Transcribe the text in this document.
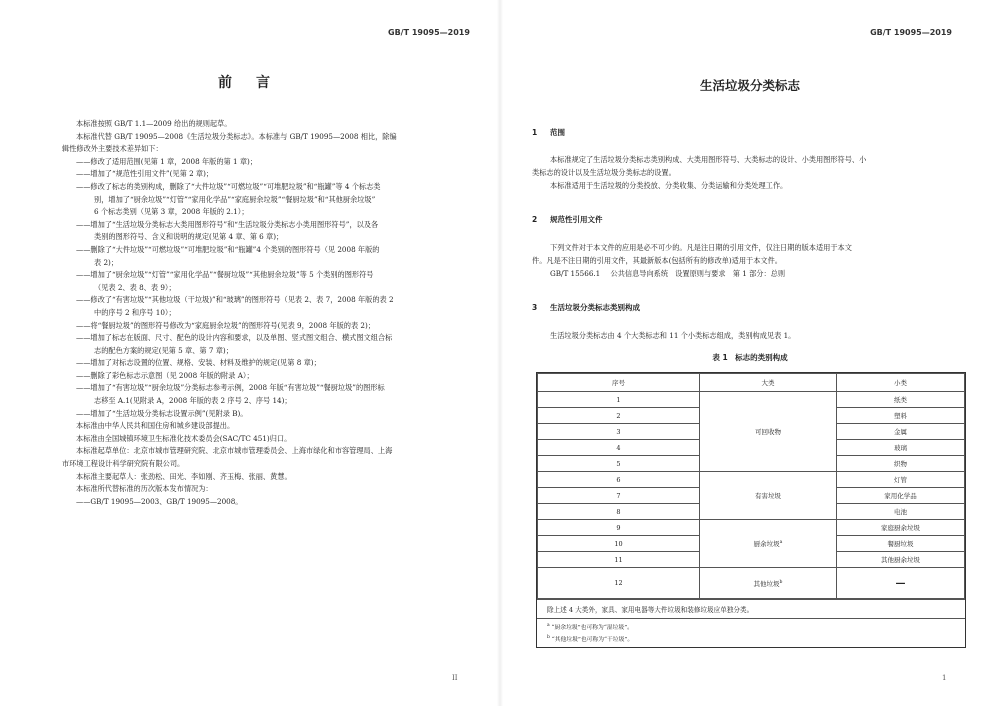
GB/T 19095—2019
前 言
本标准按照 GB/T 1.1—2009 给出的规则起草。
本标准代替 GB/T 19095—2008《生活垃圾分类标志》。本标准与 GB/T 19095—2008 相比，除编
辑性修改外主要技术差异如下：
——修改了适用范围(见第 1 章，2008 年版的第 1 章)；
——增加了“规范性引用文件”(见第 2 章)；
——修改了标志的类别构成，删除了“大件垃圾”“可燃垃圾”“可堆肥垃圾”和“瓶罐”等 4 个标志类
别，增加了“厨余垃圾”“灯管”“家用化学品”“家庭厨余垃圾”“餐厨垃圾”和“其他厨余垃圾”
6 个标志类别（见第 3 章，2008 年版的 2.1）；
——增加了“生活垃圾分类标志大类用图形符号”和“生活垃圾分类标志小类用图形符号”，以及各
类别的图形符号、含义和说明的规定(见第 4 章、第 6 章)；
——删除了“大件垃圾”“可燃垃圾”“可堆肥垃圾”和“瓶罐”4 个类别的图形符号（见 2008 年版的
表 2)；
——增加了“厨余垃圾”“灯管”“家用化学品”“餐厨垃圾”“其他厨余垃圾”等 5 个类别的图形符号
（见表 2、表 8、表 9）；
——修改了“有害垃圾”“其他垃圾（干垃圾)”和“玻璃”的图形符号（见表 2、表 7，2008 年版的表 2
中的序号 2 和序号 10）；
——将“餐厨垃圾”的图形符号修改为“家庭厨余垃圾”的图形符号(见表 9，2008 年版的表 2)；
——增加了标志在版面、尺寸、配色的设计内容和要求，以及单图、竖式图文组合、横式图文组合标
志的配色方案的规定(见第 5 章、第 7 章)；
——增加了对标志设置的位置、规格、安装、材料及维护的规定(见第 8 章)；
——删除了彩色标志示意图（见 2008 年版的附录 A）；
——增加了“有害垃圾”“厨余垃圾”分类标志参考示例，2008 年版“有害垃圾”“餐厨垃圾”的图形标
志移至 A.1(见附录 A，2008 年版的表 2 序号 2、序号 14)；
——增加了“生活垃圾分类标志设置示例”(见附录 B)。
本标准由中华人民共和国住房和城乡建设部提出。
本标准由全国城镇环境卫生标准化技术委员会(SAC/TC 451)归口。
本标准起草单位：北京市城市管理研究院、北京市城市管理委员会、上海市绿化和市容管理局、上海
市环境工程设计科学研究院有限公司。
本标准主要起草人：张劲松、田光、李如刚、齐玉梅、张丽、黄慧。
本标准所代替标准的历次版本发布情况为：
——GB/T 19095—2003、GB/T 19095—2008。
II
GB/T 19095—2019
生活垃圾分类标志
1 范围
本标准规定了生活垃圾分类标志类别构成、大类用图形符号、大类标志的设计、小类用图形符号、小
类标志的设计以及生活垃圾分类标志的设置。
本标准适用于生活垃圾的分类投放、分类收集、分类运输和分类处理工作。
2 规范性引用文件
下列文件对于本文件的应用是必不可少的。凡是注日期的引用文件，仅注日期的版本适用于本文
件。凡是不注日期的引用文件，其最新版本(包括所有的修改单)适用于本文件。
GB/T 15566.1 公共信息导向系统　设置原则与要求　第 1 部分：总则
3 生活垃圾分类标志类别构成
生活垃圾分类标志由 4 个大类标志和 11 个小类标志组成，类别构成见表 1。
表 1　标志的类别构成
序号	大类	小类
1	可回收物	纸类
2		塑料
3		金属
4		玻璃
5		织物
6	有害垃圾	灯管
7		家用化学品
8		电池
9	厨余垃圾$^a$	家庭厨余垃圾
10		餐厨垃圾
11		其他厨余垃圾
12	其他垃圾$^b$	—
除上述 4 大类外，家具、家用电器等大件垃圾和装修垃圾应单独分类。
$^a$ “厨余垃圾”也可称为“湿垃圾”。
$^b$ “其他垃圾”也可称为“干垃圾”。
1
